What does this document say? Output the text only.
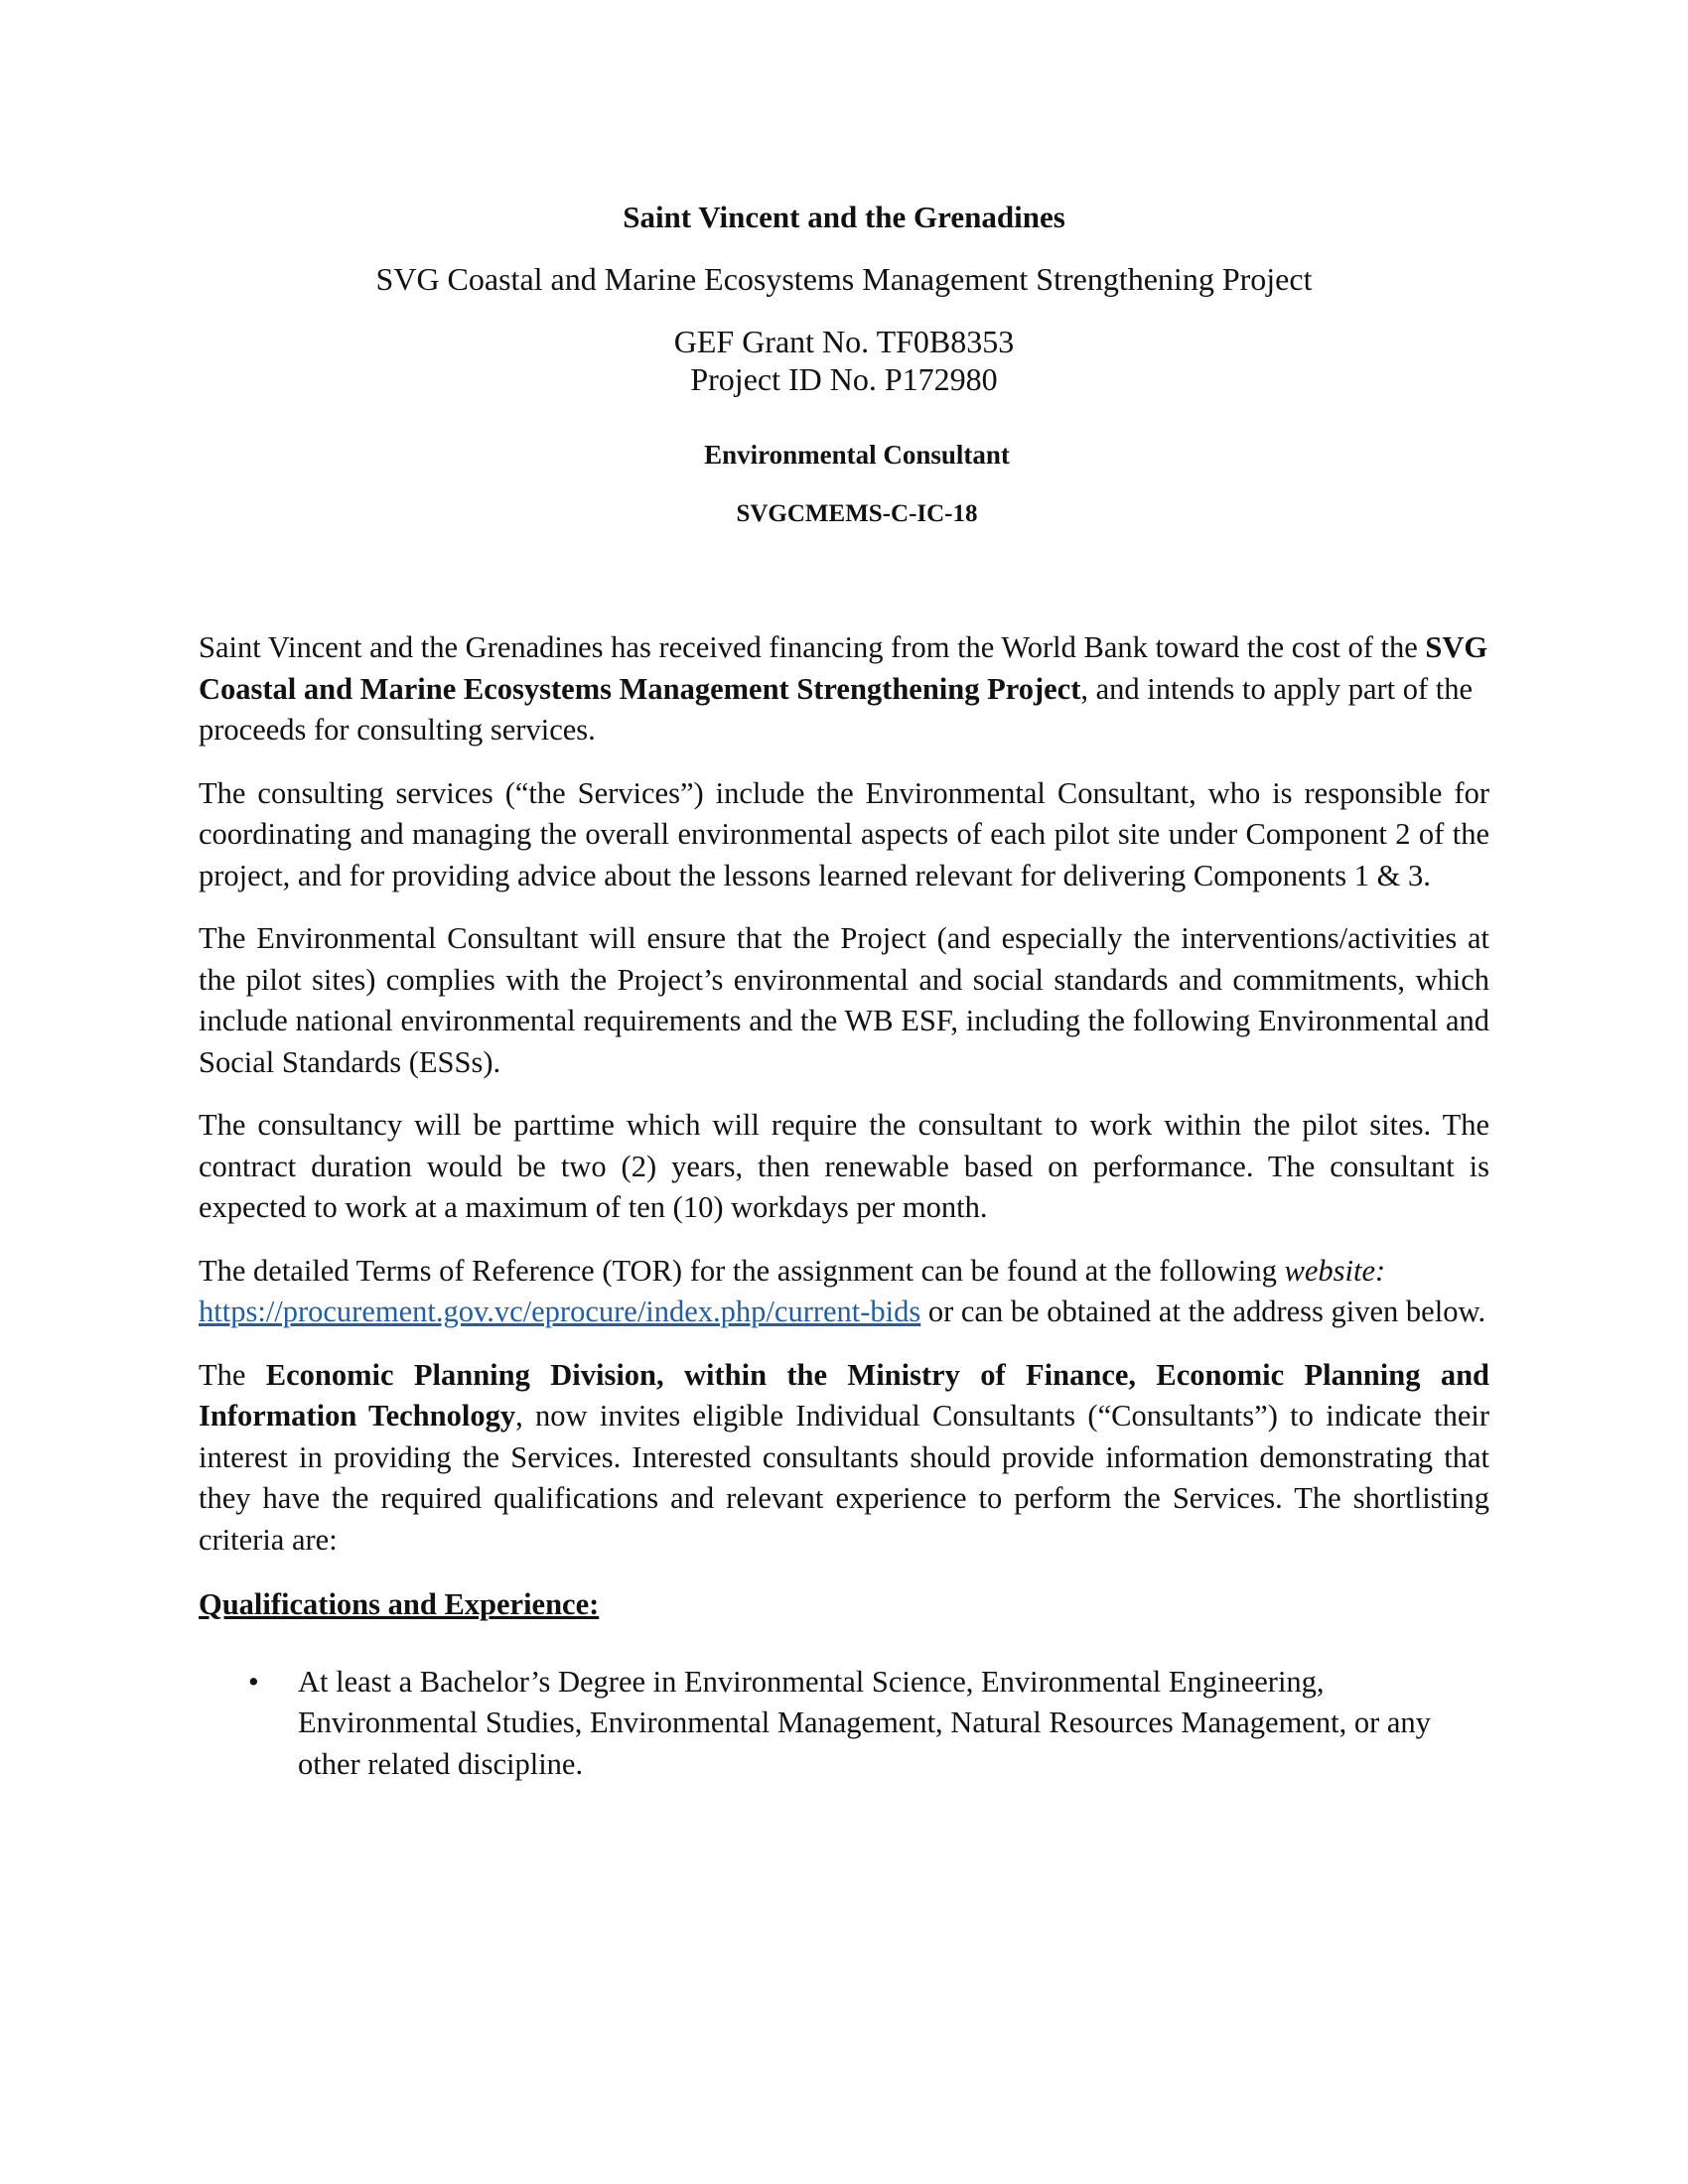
Saint Vincent and the Grenadines
SVG Coastal and Marine Ecosystems Management Strengthening Project
GEF Grant No. TF0B8353
Project ID No. P172980
Environmental Consultant
SVGCMEMS-C-IC-18

Saint Vincent and the Grenadines has received financing from the World Bank toward the cost of the SVG Coastal and Marine Ecosystems Management Strengthening Project, and intends to apply part of the proceeds for consulting services.

The consulting services (“the Services”) include the Environmental Consultant, who is responsible for coordinating and managing the overall environmental aspects of each pilot site under Component 2 of the project, and for providing advice about the lessons learned relevant for delivering Components 1 & 3.

The Environmental Consultant will ensure that the Project (and especially the interventions/activities at the pilot sites) complies with the Project’s environmental and social standards and commitments, which include national environmental requirements and the WB ESF, including the following Environmental and Social Standards (ESSs).

The consultancy will be parttime which will require the consultant to work within the pilot sites. The contract duration would be two (2) years, then renewable based on performance. The consultant is expected to work at a maximum of ten (10) workdays per month.

The detailed Terms of Reference (TOR) for the assignment can be found at the following website: https://procurement.gov.vc/eprocure/index.php/current-bids or can be obtained at the address given below.

The Economic Planning Division, within the Ministry of Finance, Economic Planning and Information Technology, now invites eligible Individual Consultants (“Consultants”) to indicate their interest in providing the Services. Interested consultants should provide information demonstrating that they have the required qualifications and relevant experience to perform the Services. The shortlisting criteria are:

Qualifications and Experience:
• At least a Bachelor’s Degree in Environmental Science, Environmental Engineering, Environmental Studies, Environmental Management, Natural Resources Management, or any other related discipline.
